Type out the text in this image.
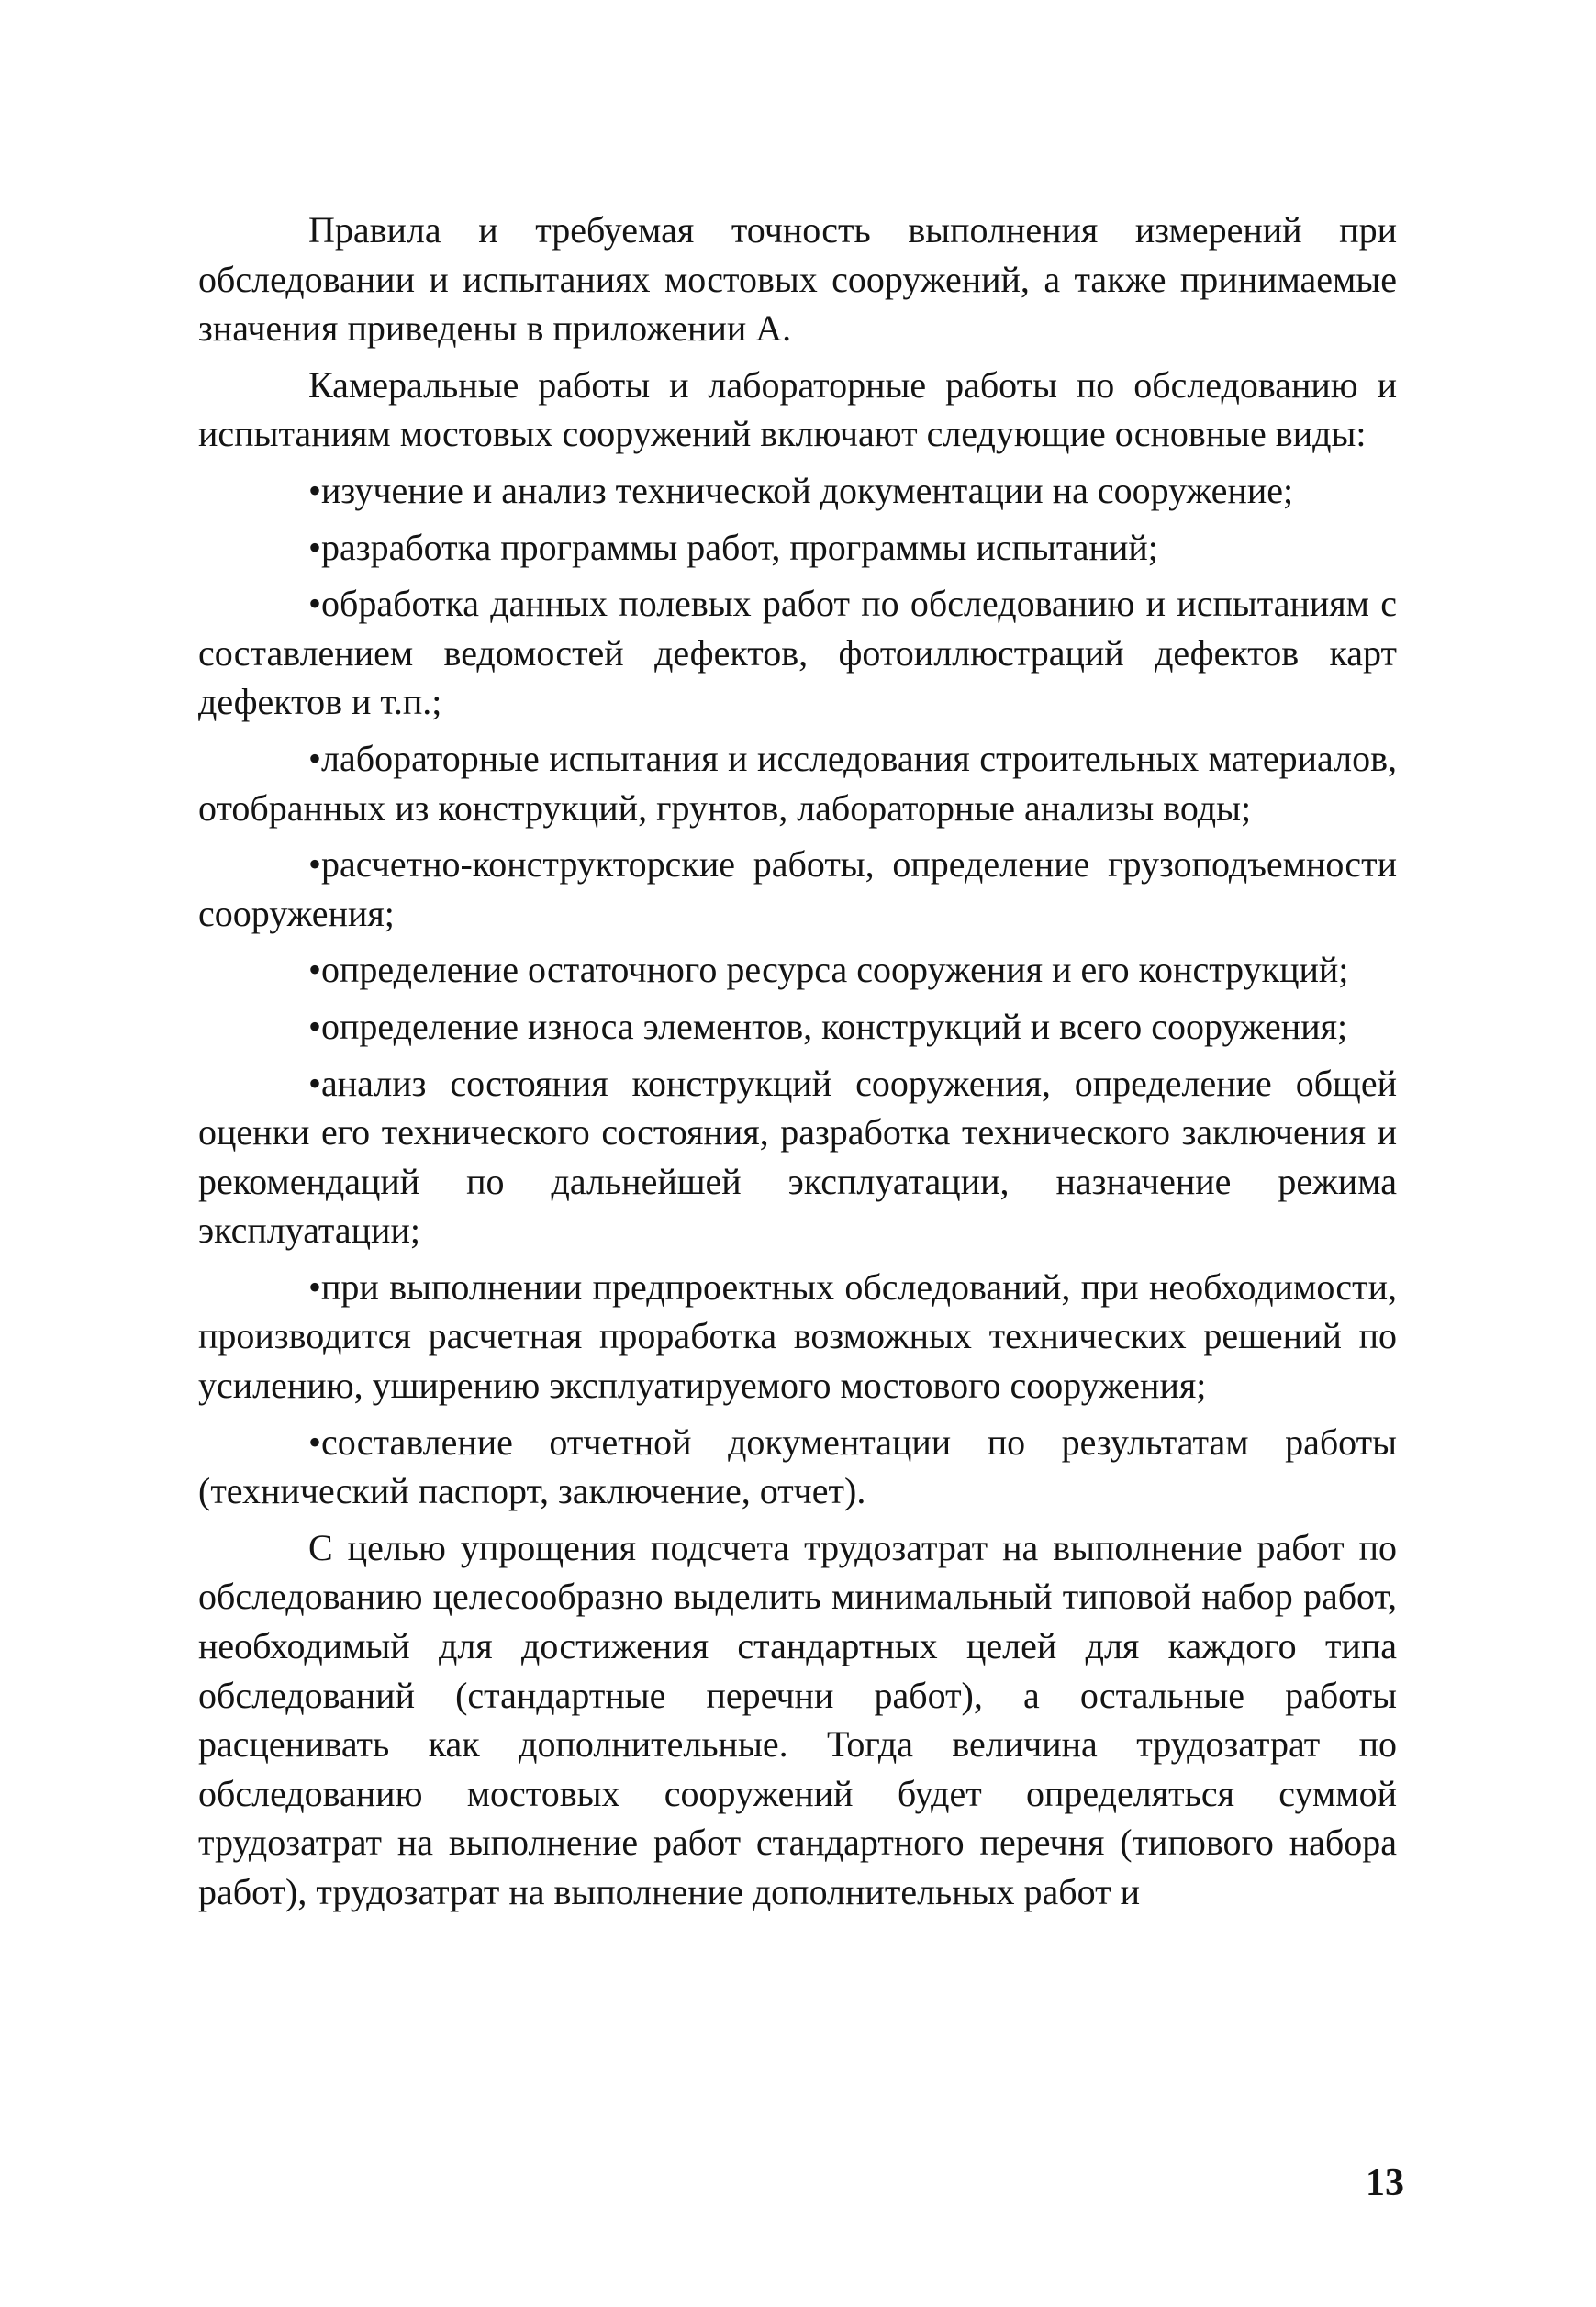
Правила и требуемая точность выполнения измерений при обследовании и испытаниях мостовых сооружений, а также принимаемые значения приведены в приложении А.

Камеральные работы и лабораторные работы по обследованию и испытаниям мостовых сооружений включают следующие основные виды:

•изучение и анализ технической документации на сооружение;

•разработка программы работ, программы испытаний;

•обработка данных полевых работ по обследованию и испытаниям с составлением ведомостей дефектов, фотоиллюстраций дефектов карт дефектов и т.п.;

•лабораторные испытания и исследования строительных материалов, отобранных из конструкций, грунтов, лабораторные анализы воды;

•расчетно-конструкторские работы, определение грузоподъемности сооружения;

•определение остаточного ресурса сооружения и его конструкций;

•определение износа элементов, конструкций и всего сооружения;

•анализ состояния конструкций сооружения, определение общей оценки его технического состояния, разработка технического заключения и рекомендаций по дальнейшей эксплуатации, назначение режима эксплуатации;

•при выполнении предпроектных обследований, при необходимости, производится расчетная проработка возможных технических решений по усилению, уширению эксплуатируемого мостового сооружения;

•составление отчетной документации по результатам работы (технический паспорт, заключение, отчет).

С целью упрощения подсчета трудозатрат на выполнение работ по обследованию целесообразно выделить минимальный типовой набор работ, необходимый для достижения стандартных целей для каждого типа обследований (стандартные перечни работ), а остальные работы расценивать как дополнительные. Тогда величина трудозатрат по обследованию мостовых сооружений будет определяться суммой трудозатрат на выполнение работ стандартного перечня (типового набора работ), трудозатрат на выполнение дополнительных работ и

13
